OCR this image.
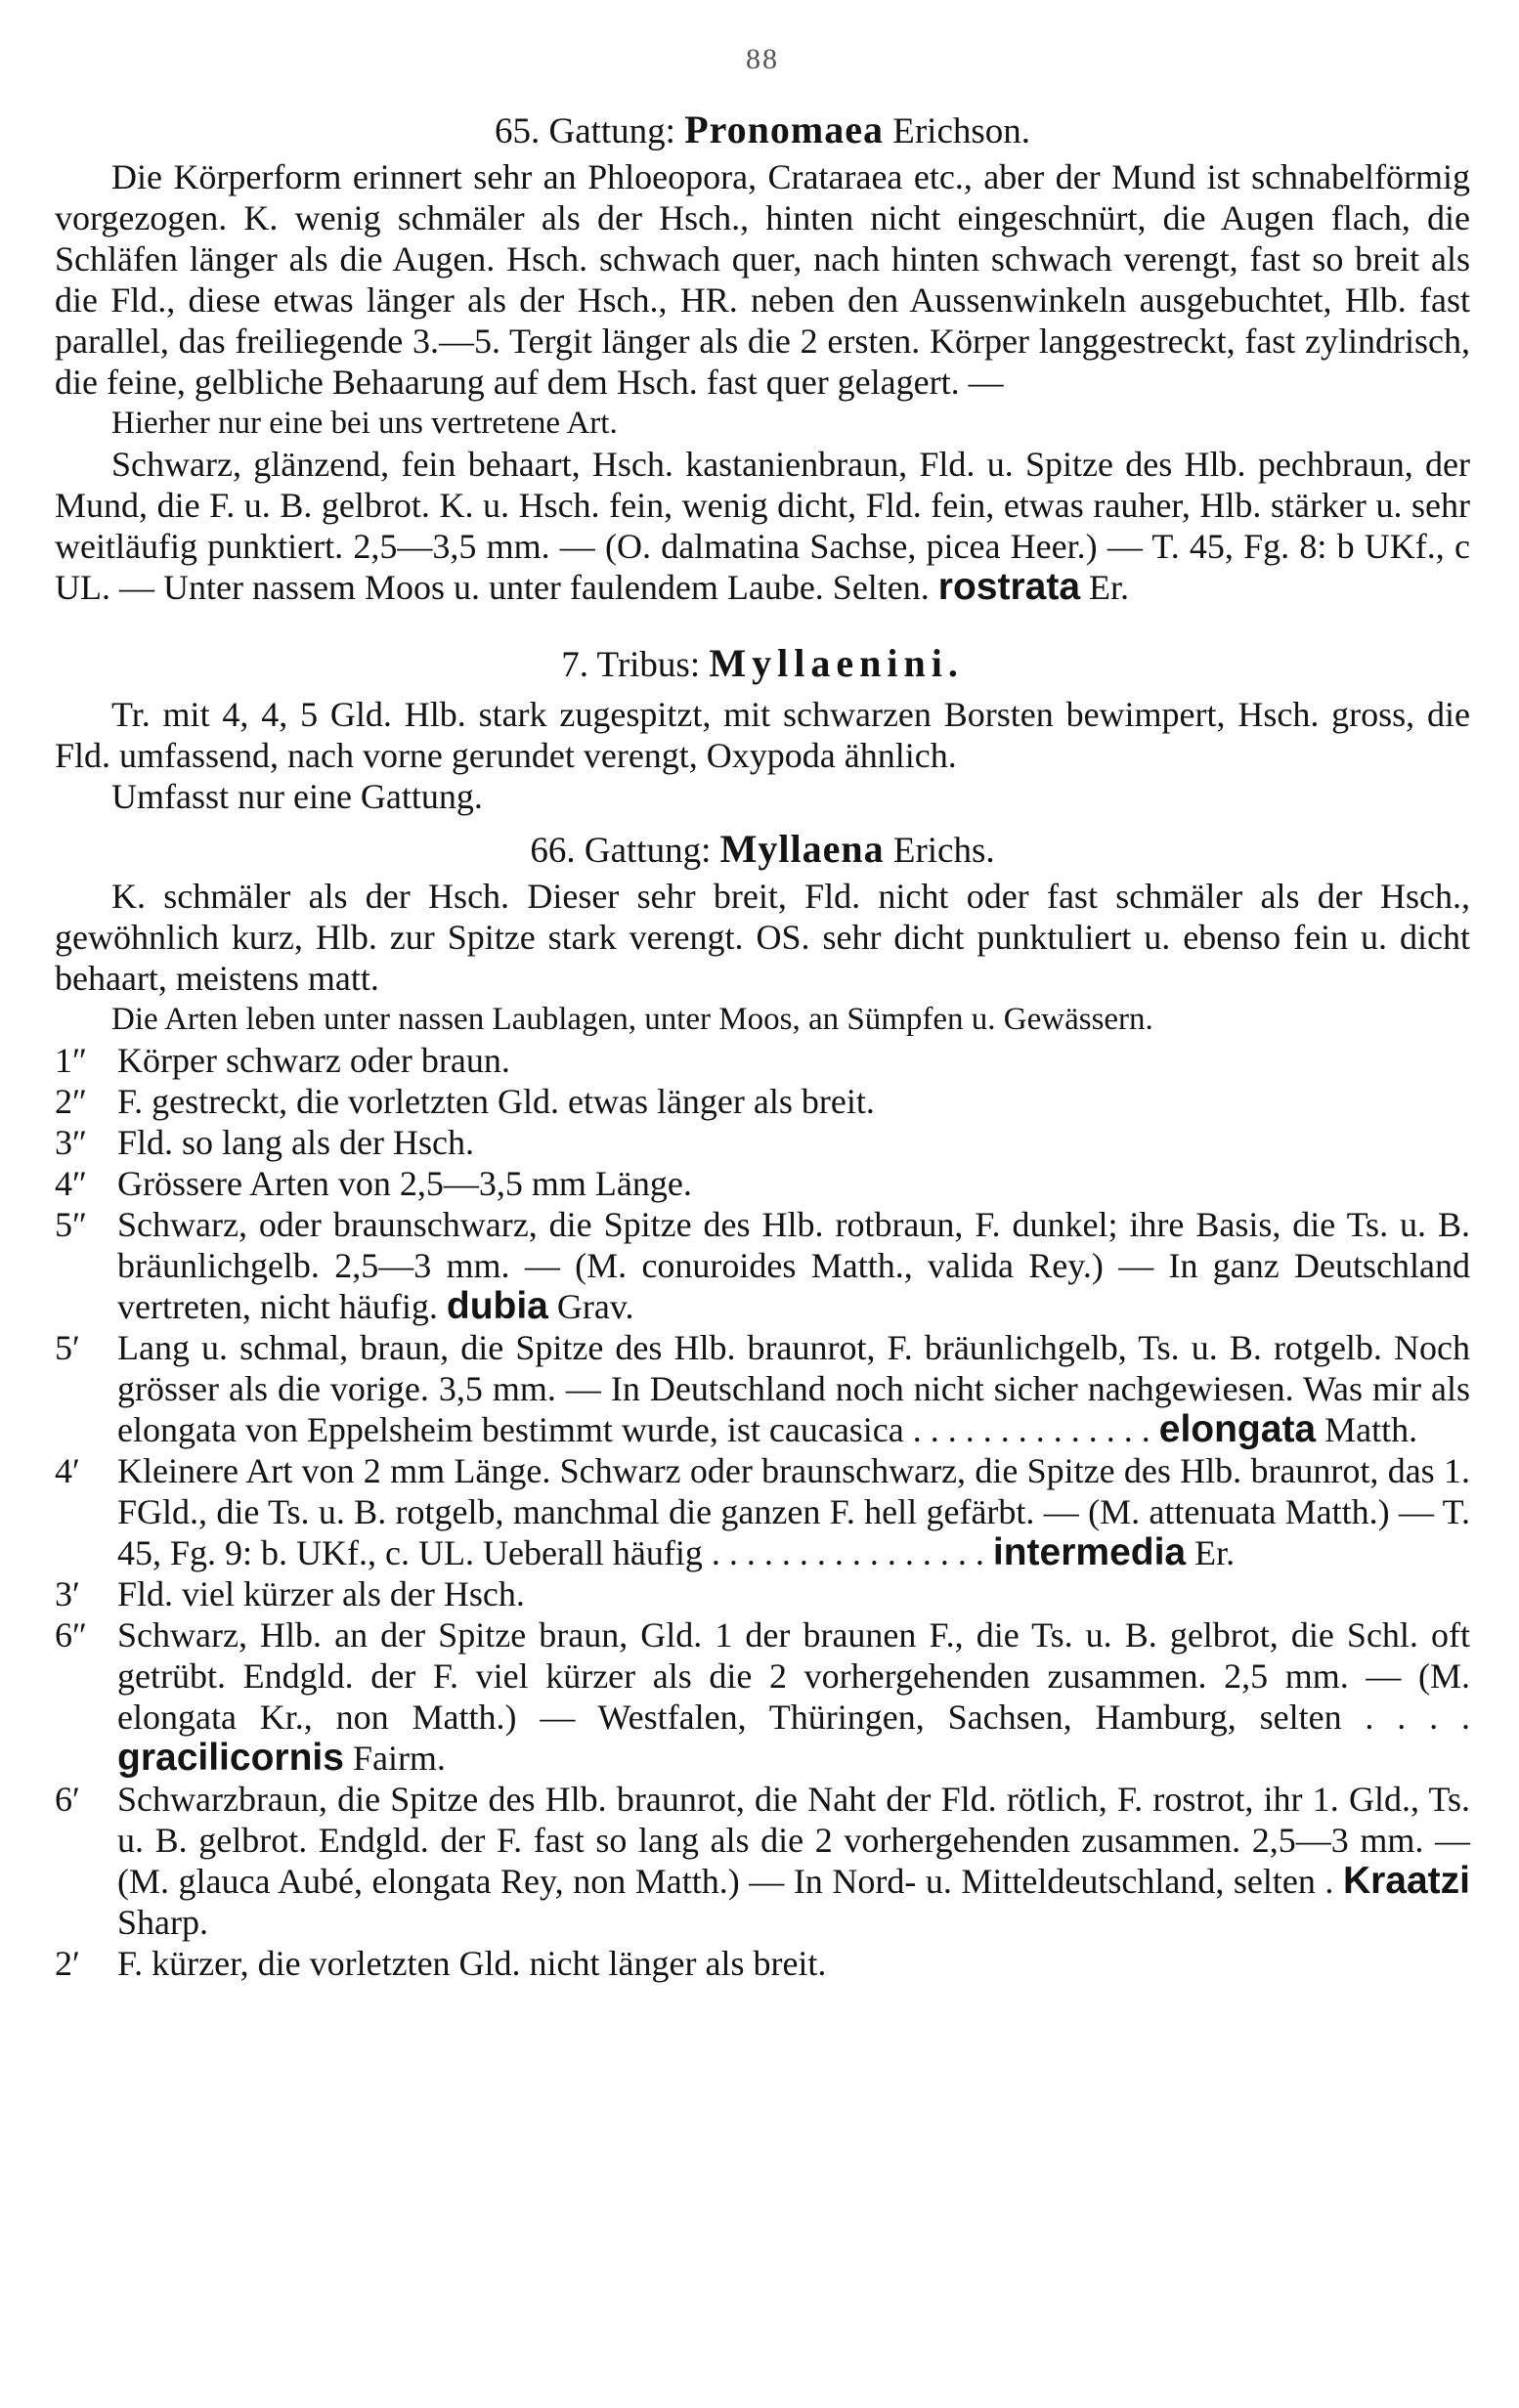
88
65. Gattung: Pronomaea Erichson.

Die Körperform erinnert sehr an Phloeopora, Crataraea etc., aber der Mund ist schnabelförmig vorgezogen. K. wenig schmäler als der Hsch., hinten nicht eingeschnürt, die Augen flach, die Schläfen länger als die Augen. Hsch. schwach quer, nach hinten schwach verengt, fast so breit als die Fld., diese etwas länger als der Hsch., HR. neben den Aussenwinkeln ausgebuchtet, Hlb. fast parallel, das freiliegende 3.—5. Tergit länger als die 2 ersten. Körper langgestreckt, fast zylindrisch, die feine, gelbliche Behaarung auf dem Hsch. fast quer gelagert. —

Hierher nur eine bei uns vertretene Art.

Schwarz, glänzend, fein behaart, Hsch. kastanienbraun, Fld. u. Spitze des Hlb. pechbraun, der Mund, die F. u. B. gelbrot. K. u. Hsch. fein, wenig dicht, Fld. fein, etwas rauher, Hlb. stärker u. sehr weitläufig punktiert. 2,5—3,5 mm. — (O. dalmatina Sachse, picea Heer.) — T. 45, Fg. 8: b UKf., c UL. — Unter nassem Moos u. unter faulendem Laube. Selten. rostrata Er.

7. Tribus: Myllaenini.

Tr. mit 4, 4, 5 Gld. Hlb. stark zugespitzt, mit schwarzen Borsten bewimpert, Hsch. gross, die Fld. umfassend, nach vorne gerundet verengt, Oxypoda ähnlich.

Umfasst nur eine Gattung.

66. Gattung: Myllaena Erichs.

K. schmäler als der Hsch. Dieser sehr breit, Fld. nicht oder fast schmäler als der Hsch., gewöhnlich kurz, Hlb. zur Spitze stark verengt. OS. sehr dicht punktuliert u. ebenso fein u. dicht behaart, meistens matt.

Die Arten leben unter nassen Laublagen, unter Moos, an Sümpfen u. Gewässern.

1″ Körper schwarz oder braun.
2″ F. gestreckt, die vorletzten Gld. etwas länger als breit.
3″ Fld. so lang als der Hsch.
4″ Grössere Arten von 2,5—3,5 mm Länge.
5″ Schwarz, oder braunschwarz, die Spitze des Hlb. rotbraun, F. dunkel; ihre Basis, die Ts. u. B. bräunlichgelb. 2,5—3 mm. — (M. conuroides Matth., valida Rey.) — In ganz Deutschland vertreten, nicht häufig. dubia Grav.
5′	Lang u. schmal, braun, die Spitze des Hlb. braunrot, F. bräunlichgelb, Ts. u. B. rotgelb. Noch grösser als die vorige. 3,5 mm. — In Deutschland noch nicht sicher nachgewiesen. Was mir als elongata von Eppelsheim bestimmt wurde, ist caucasica . . . . . . . . . . . . . . elongata Matth.
4′	Kleinere Art von 2 mm Länge. Schwarz oder braunschwarz, die Spitze des Hlb. braunrot, das 1. FGld., die Ts. u. B. rotgelb, manchmal die ganzen F. hell gefärbt. — (M. attenuata Matth.) — T. 45, Fg. 9: b. UKf., c. UL. Ueberall häufig . . . . . . . . . . . . . . . . intermedia Er.
3′	Fld. viel kürzer als der Hsch.
6″ Schwarz, Hlb. an der Spitze braun, Gld. 1 der braunen F., die Ts. u. B. gelbrot, die Schl. oft getrübt. Endgld. der F. viel kürzer als die 2 vorhergehenden zusammen. 2,5 mm. — (M. elongata Kr., non Matth.) — Westfalen, Thüringen, Sachsen, Hamburg, selten . . . . gracilicornis Fairm.
6′	Schwarzbraun, die Spitze des Hlb. braunrot, die Naht der Fld. rötlich, F. rostrot, ihr 1. Gld., Ts. u. B. gelbrot. Endgld. der F. fast so lang als die 2 vorhergehenden zusammen. 2,5—3 mm. — (M. glauca Aubé, elongata Rey, non Matth.) — In Nord- u. Mitteldeutschland, selten . Kraatzi Sharp.
2′	F. kürzer, die vorletzten Gld. nicht länger als breit.
